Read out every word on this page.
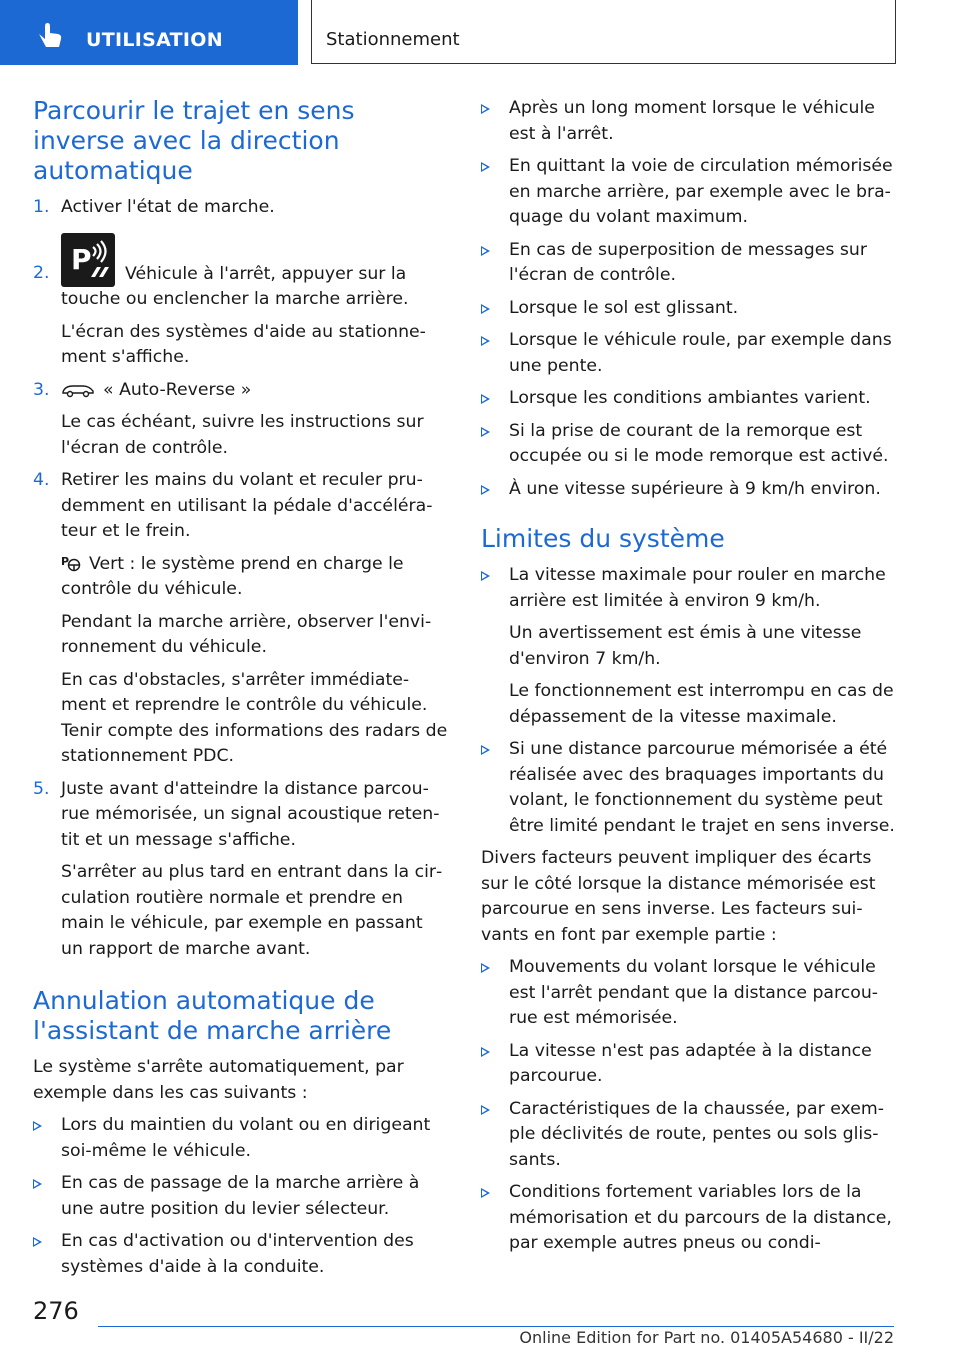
UTILISATION	Stationnement
Parcourir le trajet en sens inverse avec la direction automatique
1. Activer l'état de marche.
2. P Véhicule à l'arrêt, appuyer sur la touche ou enclencher la marche arrière.

L'écran des systèmes d'aide au stationnement s'affiche.

3.	« Auto-Reverse »

Le cas échéant, suivre les instructions sur l'écran de contrôle.

4. Retirer les mains du volant et reculer prudemment en utilisant la pédale d'accélérateur et le frein.

P Vert : le système prend en charge le contrôle du véhicule.

Pendant la marche arrière, observer l'environnement du véhicule.

En cas d'obstacles, s'arrêter immédiatement et reprendre le contrôle du véhicule. Tenir compte des informations des radars de stationnement PDC.

5. Juste avant d'atteindre la distance parcourue mémorisée, un signal acoustique retentit et un message s'affiche.

S'arrêter au plus tard en entrant dans la circulation routière normale et prendre en main le véhicule, par exemple en passant un rapport de marche avant.

Annulation automatique de l'assistant de marche arrière

Le système s'arrête automatiquement, par exemple dans les cas suivants :

Lors du maintien du volant ou en dirigeant soi-même le véhicule.
En cas de passage de la marche arrière à une autre position du levier sélecteur.
En cas d'activation ou d'intervention des systèmes d'aide à la conduite.
Après un long moment lorsque le véhicule est à l'arrêt.
En quittant la voie de circulation mémorisée en marche arrière, par exemple avec le braquage du volant maximum.
En cas de superposition de messages sur l'écran de contrôle.
Lorsque le sol est glissant.
Lorsque le véhicule roule, par exemple dans une pente.
Lorsque les conditions ambiantes varient.
Si la prise de courant de la remorque est occupée ou si le mode remorque est activé.
À une vitesse supérieure à 9 km/h environ.
Limites du système
La vitesse maximale pour rouler en marche arrière est limitée à environ 9 km/h.

Un avertissement est émis à une vitesse d'environ 7 km/h.

Le fonctionnement est interrompu en cas de dépassement de la vitesse maximale.

Si une distance parcourue mémorisée a été réalisée avec des braquages importants du volant, le fonctionnement du système peut être limité pendant le trajet en sens inverse.

Divers facteurs peuvent impliquer des écarts sur le côté lorsque la distance mémorisée est parcourue en sens inverse. Les facteurs suivants en font par exemple partie :

Mouvements du volant lorsque le véhicule est l'arrêt pendant que la distance parcourue est mémorisée.
La vitesse n'est pas adaptée à la distance parcourue.
Caractéristiques de la chaussée, par exemple déclivités de route, pentes ou sols glissants.
Conditions fortement variables lors de la mémorisation et du parcours de la distance, par exemple autres pneus ou condi-
276
Online Edition for Part no. 01405A54680 - II/22
